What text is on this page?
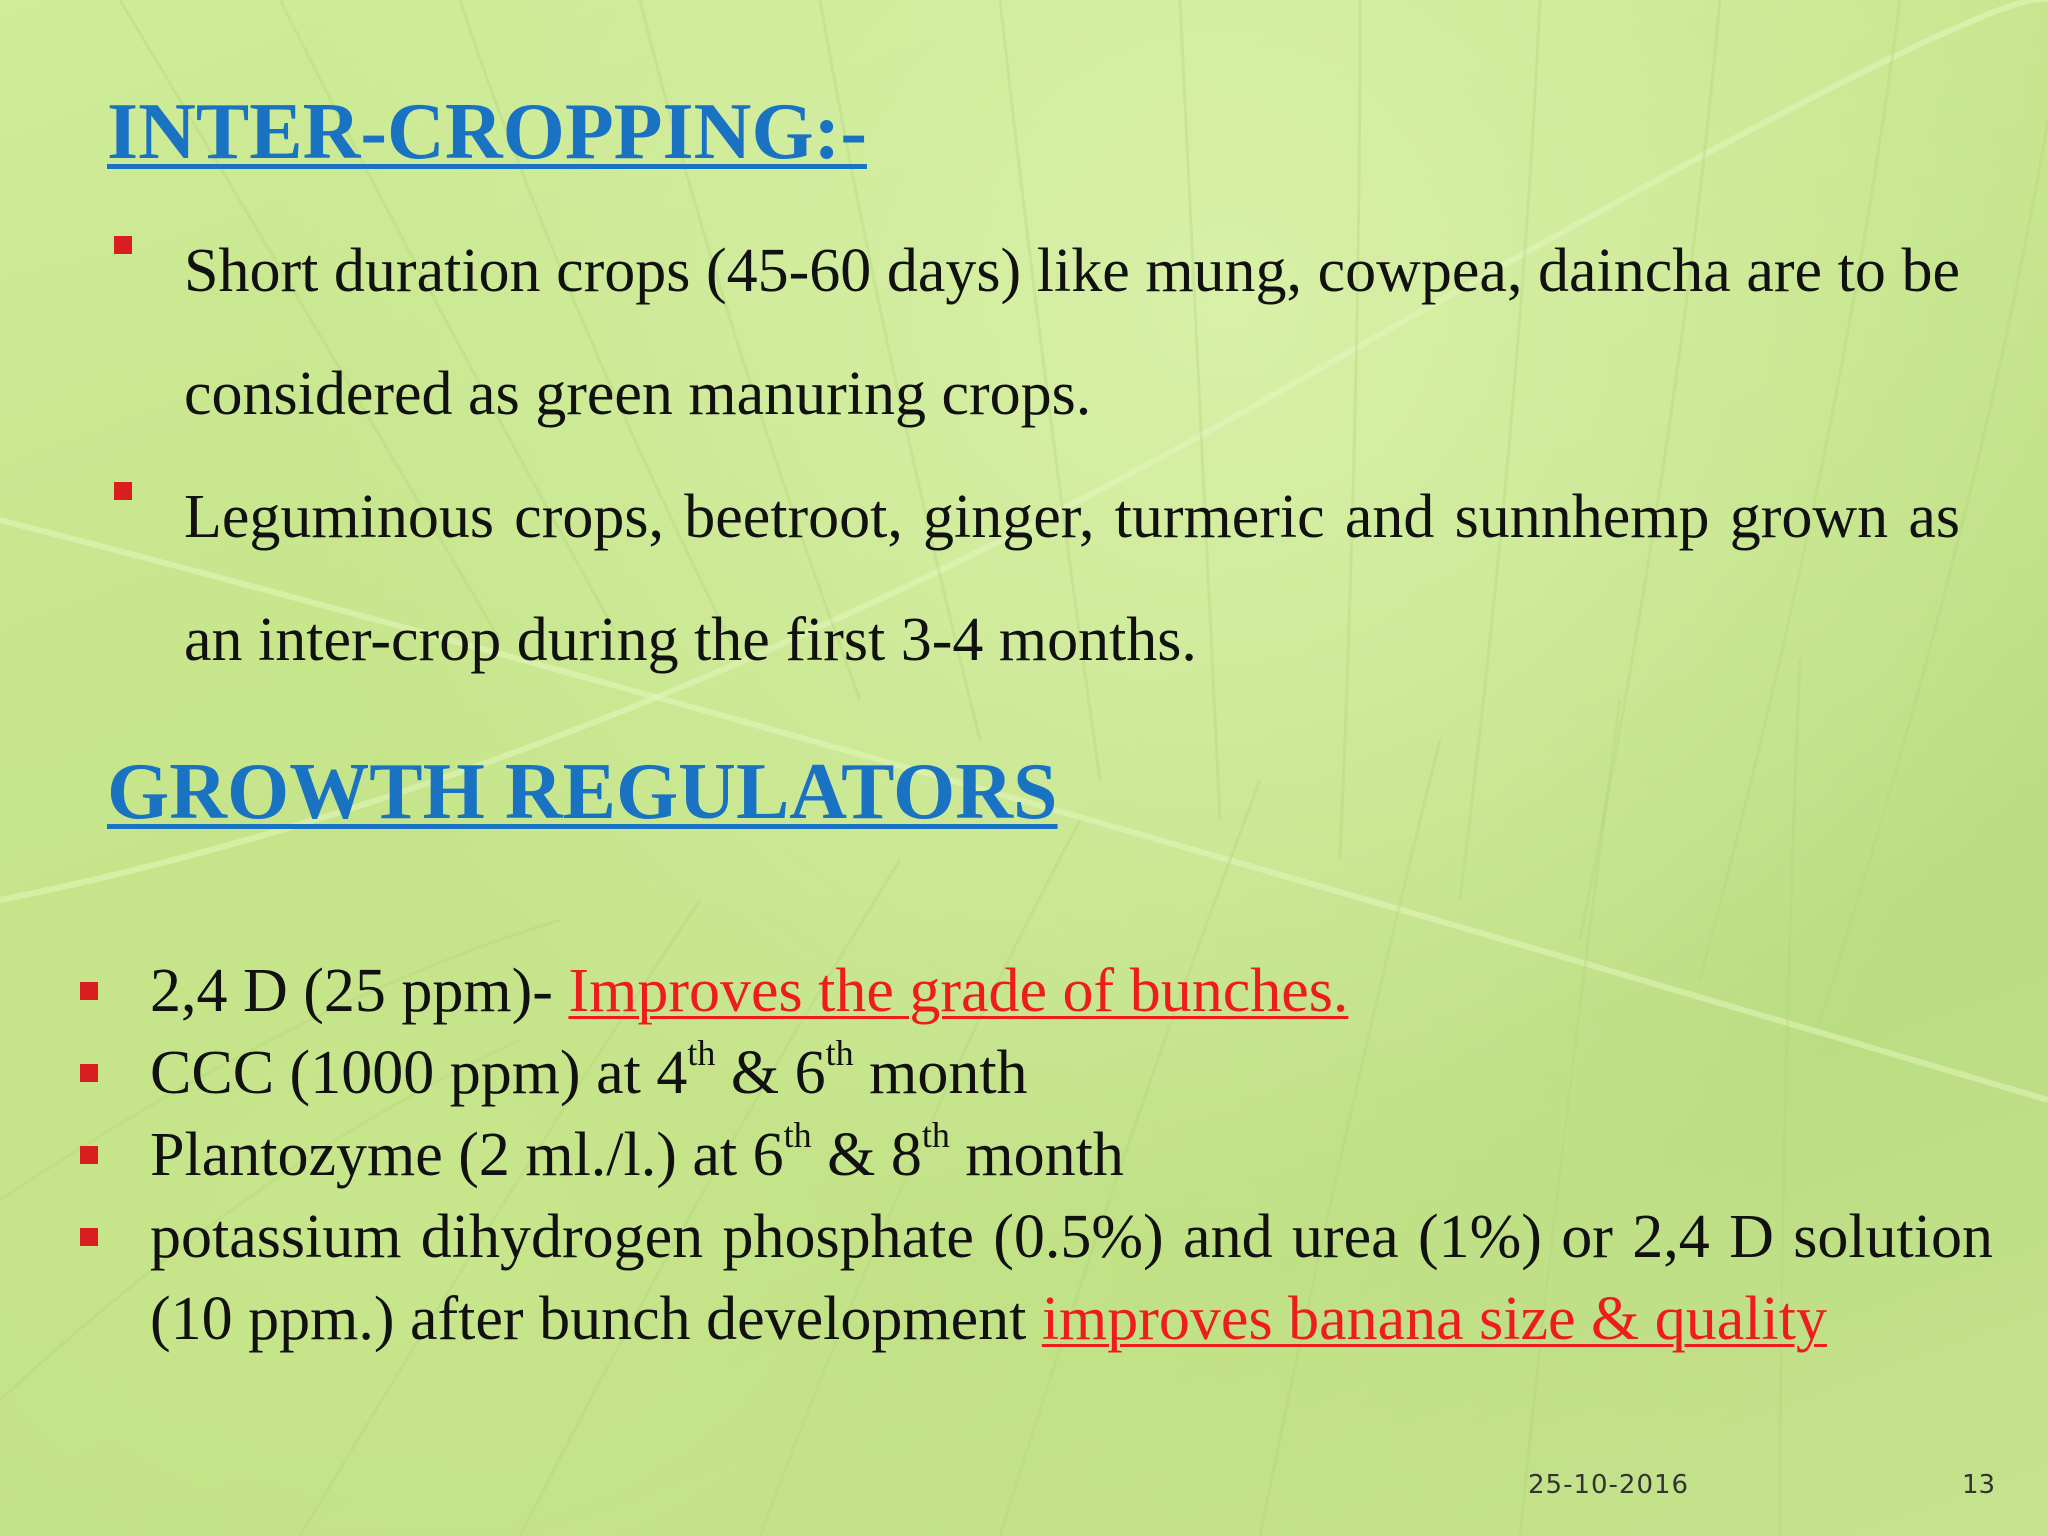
INTER-CROPPING:-
Short duration crops (45-60 days) like mung, cowpea, daincha are to be considered as green manuring crops.
Leguminous crops, beetroot, ginger, turmeric and sunnhemp grown as an inter-crop during the first 3-4 months.
GROWTH REGULATORS
2,4 D (25 ppm)- Improves the grade of bunches.
CCC (1000 ppm) at 4th & 6th month
Plantozyme (2 ml./l.) at 6th & 8th month
potassium dihydrogen phosphate (0.5%) and urea (1%) or 2,4 D solution (10 ppm.) after bunch development improves banana size & quality
25-10-2016	13
